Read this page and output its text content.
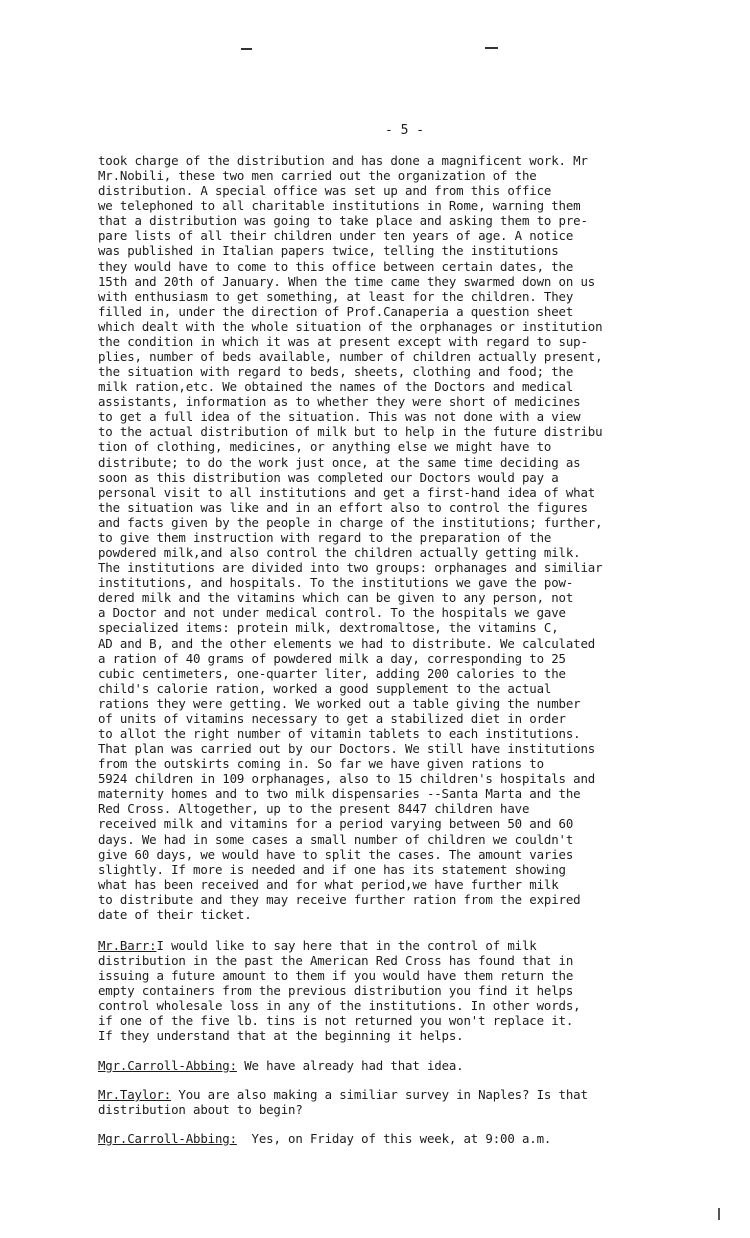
- 5 -
took charge of the distribution and has done a magnificent work. Mr
Mr.Nobili, these two men carried out the organization of the
distribution. A special office was set up and from this office
we telephoned to all charitable institutions in Rome, warning them
that a distribution was going to take place and asking them to pre-
pare lists of all their children under ten years of age. A notice
was published in Italian papers twice, telling the institutions
they would have to come to this office between certain dates, the
15th and 20th of January. When the time came they swarmed down on us
with enthusiasm to get something, at least for the children. They
filled in, under the direction of Prof.Canaperia a question sheet
which dealt with the whole situation of the orphanages or institution
the condition in which it was at present except with regard to sup-
plies, number of beds available, number of children actually present,
the situation with regard to beds, sheets, clothing and food; the
milk ration,etc. We obtained the names of the Doctors and medical
assistants, information as to whether they were short of medicines
to get a full idea of the situation. This was not done with a view
to the actual distribution of milk but to help in the future distribu
tion of clothing, medicines, or anything else we might have to
distribute; to do the work just once, at the same time deciding as
soon as this distribution was completed our Doctors would pay a
personal visit to all institutions and get a first-hand idea of what
the situation was like and in an effort also to control the figures
and facts given by the people in charge of the institutions; further,
to give them instruction with regard to the preparation of the
powdered milk,and also control the children actually getting milk.
The institutions are divided into two groups: orphanages and similiar
institutions, and hospitals. To the institutions we gave the pow-
dered milk and the vitamins which can be given to any person, not
a Doctor and not under medical control. To the hospitals we gave
specialized items: protein milk, dextromaltose, the vitamins C,
AD and B, and the other elements we had to distribute. We calculated
a ration of 40 grams of powdered milk a day, corresponding to 25
cubic centimeters, one-quarter liter, adding 200 calories to the
child's calorie ration, worked a good supplement to the actual
rations they were getting. We worked out a table giving the number
of units of vitamins necessary to get a stabilized diet in order
to allot the right number of vitamin tablets to each institutions.
That plan was carried out by our Doctors. We still have institutions
from the outskirts coming in. So far we have given rations to
5924 children in 109 orphanages, also to 15 children's hospitals and
maternity homes and to two milk dispensaries --Santa Marta and the
Red Cross. Altogether, up to the present 8447 children have
received milk and vitamins for a period varying between 50 and 60
days. We had in some cases a small number of children we couldn't
give 60 days, we would have to split the cases. The amount varies
slightly. If more is needed and if one has its statement showing
what has been received and for what period,we have further milk
to distribute and they may receive further ration from the expired
date of their ticket.
Mr.Barr:I would like to say here that in the control of milk
distribution in the past the American Red Cross has found that in
issuing a future amount to them if you would have them return the
empty containers from the previous distribution you find it helps
control wholesale loss in any of the institutions. In other words,
if one of the five lb. tins is not returned you won't replace it.
If they understand that at the beginning it helps.
Mgr.Carroll-Abbing: We have already had that idea.
Mr.Taylor: You are also making a similiar survey in Naples? Is that
distribution about to begin?
Mgr.Carroll-Abbing:  Yes, on Friday of this week, at 9:00 a.m.
